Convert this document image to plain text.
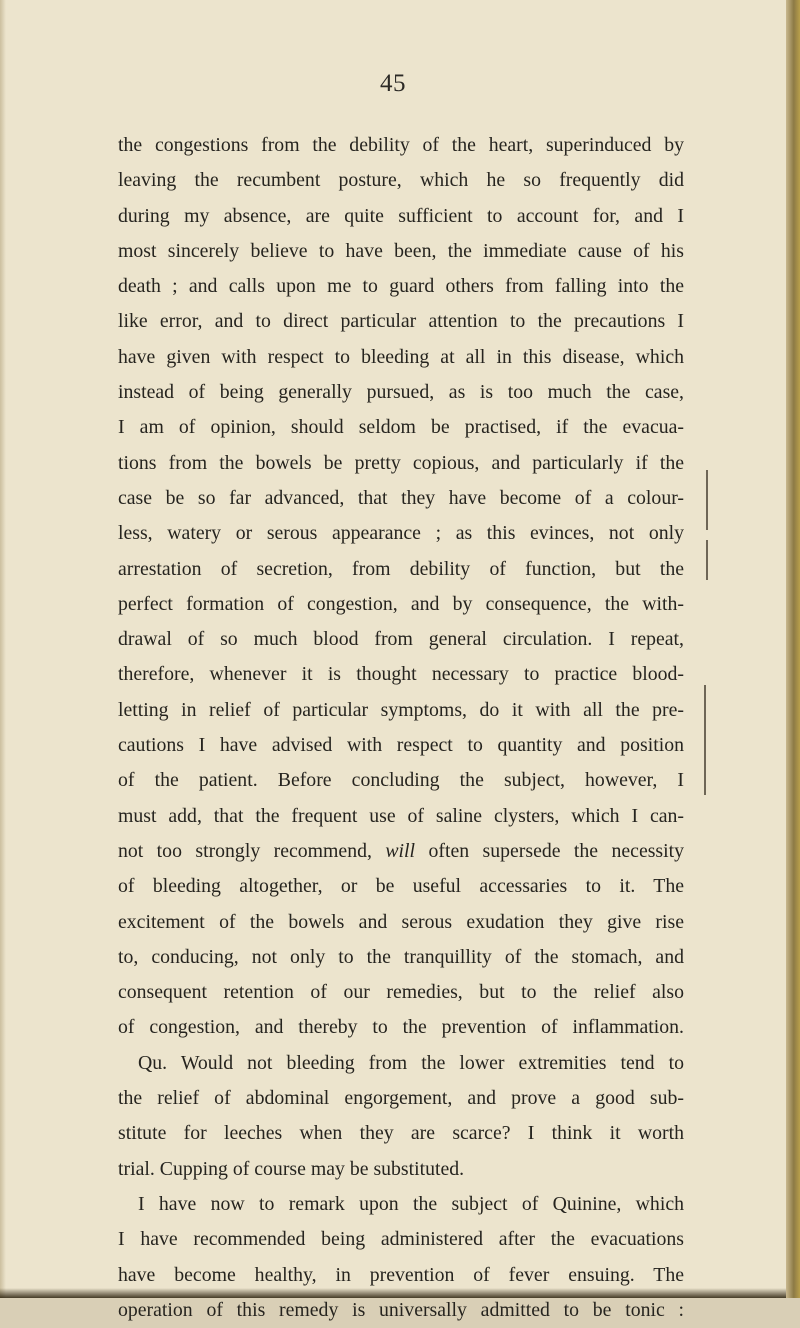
45
the congestions from the debility of the heart, superinduced by
leaving the recumbent posture, which he so frequently did
during my absence, are quite sufficient to account for, and I
most sincerely believe to have been, the immediate cause of his
death ; and calls upon me to guard others from falling into the
like error, and to direct particular attention to the precautions I
have given with respect to bleeding at all in this disease, which
instead of being generally pursued, as is too much the case,
I am of opinion, should seldom be practised, if the evacua-
tions from the bowels be pretty copious, and particularly if the
case be so far advanced, that they have become of a colour-
less, watery or serous appearance ; as this evinces, not only
arrestation of secretion, from debility of function, but the
perfect formation of congestion, and by consequence, the with-
drawal of so much blood from general circulation. I repeat,
therefore, whenever it is thought necessary to practice blood-
letting in relief of particular symptoms, do it with all the pre-
cautions I have advised with respect to quantity and position
of the patient. Before concluding the subject, however, I
must add, that the frequent use of saline clysters, which I can-
not too strongly recommend, will often supersede the necessity
of bleeding altogether, or be useful accessaries to it. The
excitement of the bowels and serous exudation they give rise
to, conducing, not only to the tranquillity of the stomach, and
consequent retention of our remedies, but to the relief also
of congestion, and thereby to the prevention of inflammation.
Qu. Would not bleeding from the lower extremities tend to
the relief of abdominal engorgement, and prove a good sub-
stitute for leeches when they are scarce? I think it worth
trial. Cupping of course may be substituted.
I have now to remark upon the subject of Quinine, which
I have recommended being administered after the evacuations
have become healthy, in prevention of fever ensuing. The
operation of this remedy is universally admitted to be tonic :
